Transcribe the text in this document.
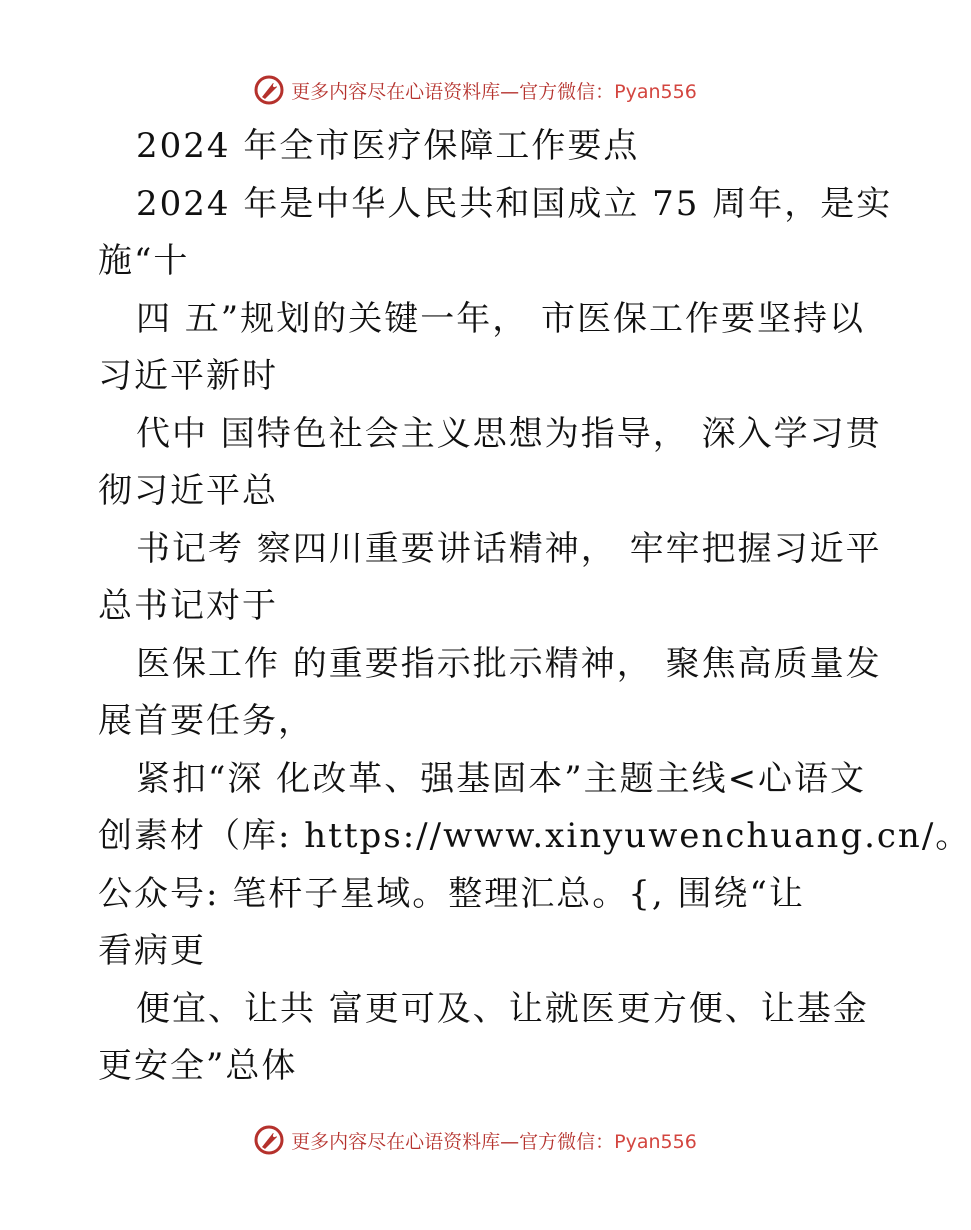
更多内容尽在心语资料库—官方微信：Pyan556
2024 年全市医疗保障工作要点
2024 年是中华人民共和国成立 75 周年，是实
施“十
四 五”规划的关键一年， 市医保工作要坚持以
习近平新时
代中 国特色社会主义思想为指导， 深入学习贯
彻习近平总
书记考 察四川重要讲话精神， 牢牢把握习近平
总书记对于
医保工作 的重要指示批示精神， 聚焦高质量发
展首要任务，
紧扣“深 化改革、强基固本”主题主线<心语文
创素材（库: https://www.xinyuwenchuang.cn/。
公众号: 笔杆子星域。整理汇总。{, 围绕“让
看病更
便宜、让共 富更可及、让就医更方便、让基金
更安全”总体
更多内容尽在心语资料库—官方微信：Pyan556
